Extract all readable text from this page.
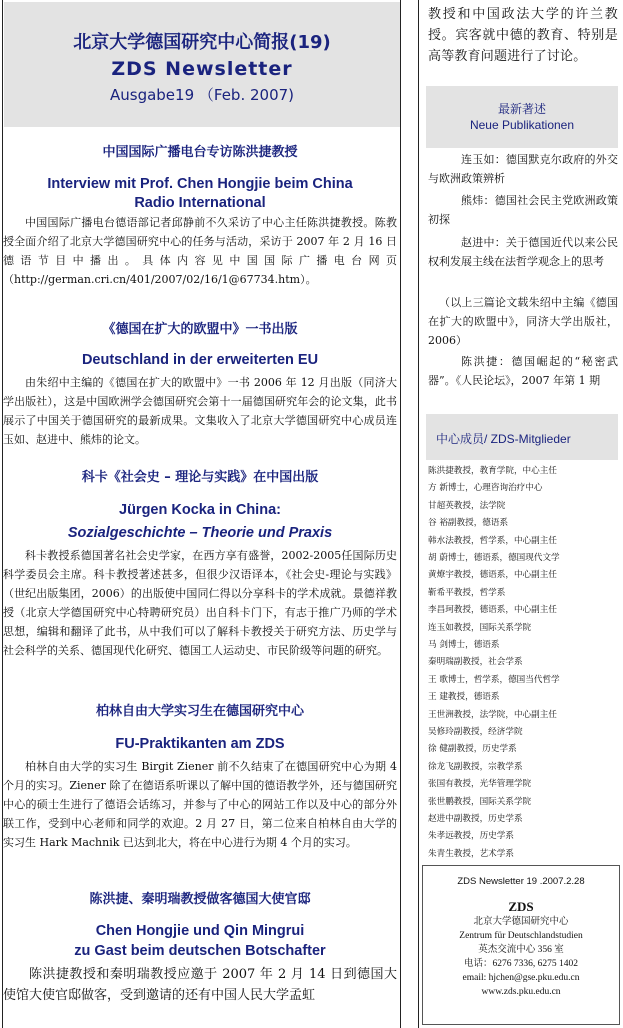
北京大学德国研究中心简报(19)
ZDS Newsletter
Ausgabe19 （Feb. 2007)
中国国际广播电台专访陈洪捷教授
Interview mit Prof. Chen Hongjie beim China
Radio International
中国国际广播电台德语部记者邱静前不久采访了中心主任陈洪捷教授。陈教授全面介绍了北京大学德国研究中心的任务与活动，采访于 2007 年 2 月 16 日德语节目中播出。具体内容见中国国际广播电台网页（http://german.cri.cn/401/2007/02/16/1@67734.htm）。
《德国在扩大的欧盟中》一书出版
Deutschland in der erweiterten EU
由朱绍中主编的《德国在扩大的欧盟中》一书 2006 年 12 月出版（同济大学出版社），这是中国欧洲学会德国研究会第十一届德国研究年会的论文集，此书展示了中国关于德国研究的最新成果。文集收入了北京大学德国研究中心成员连玉如、赵进中、熊炜的论文。
科卡《社会史 – 理论与实践》在中国出版
Jürgen Kocka in China:
Sozialgeschichte – Theorie und Praxis
科卡教授系德国著名社会史学家，在西方享有盛誉，2002-2005任国际历史科学委员会主席。科卡教授著述甚多，但很少汉语译本，《社会史-理论与实践》（世纪出版集团，2006）的出版使中国同仁得以分享科卡的学术成就。景德祥教授（北京大学德国研究中心特聘研究员）出自科卡门下，有志于推广乃师的学术思想，编辑和翻译了此书，从中我们可以了解科卡教授关于研究方法、历史学与社会科学的关系、德国现代化研究、德国工人运动史、市民阶级等问题的研究。
柏林自由大学实习生在德国研究中心
FU-Praktikanten am ZDS
柏林自由大学的实习生 Birgit Ziener 前不久结束了在德国研究中心为期 4 个月的实习。Ziener 除了在德语系听课以了解中国的德语教学外，还与德国研究中心的硕士生进行了德语会话练习，并参与了中心的网站工作以及中心的部分外联工作，受到中心老师和同学的欢迎。2 月 27 日，第二位来自柏林自由大学的实习生 Hark Machnik 已达到北大，将在中心进行为期 4 个月的实习。
陈洪捷、秦明瑞教授做客德国大使官邸
Chen Hongjie und Qin Mingrui
zu Gast beim deutschen Botschafter
陈洪捷教授和秦明瑞教授应邀于 2007 年 2 月 14 日到德国大使馆大使官邸做客，受到邀请的还有中国人民大学孟虹
教授和中国政法大学的许兰教授。宾客就中德的教育、特别是高等教育问题进行了讨论。
最新著述
Neue Publikationen
连玉如：德国默克尔政府的外交与欧洲政策辨析
熊炜：德国社会民主党欧洲政策初探
赵进中：关于德国近代以来公民权利发展主线在法哲学观念上的思考
（以上三篇论文载朱绍中主编《德国在扩大的欧盟中》，同济大学出版社，2006）
陈洪捷：德国崛起的“秘密武器”。《人民论坛》，2007 年第 1 期
中心成员/ ZDS-Mitglieder
陈洪捷教授，教育学院，中心主任
方 新博士，心理咨询治疗中心
甘超英教授，法学院
谷 裕副教授，德语系
韩水法教授，哲学系，中心副主任
胡 蔚博士，德语系，德国现代文学
黄燎宇教授，德语系，中心副主任
靳希平教授，哲学系
李昌珂教授，德语系，中心副主任
连玉如教授，国际关系学院
马 剑博士，德语系
秦明瑞副教授，社会学系
王 歌博士，哲学系，德国当代哲学
王 建教授，德语系
王世洲教授，法学院，中心副主任
吴修玲副教授，经济学院
徐 健副教授，历史学系
徐龙飞副教授，宗教学系
张国有教授，光华管理学院
张世鹏教授，国际关系学院
赵进中副教授，历史学系
朱孝远教授，历史学系
朱青生教授，艺术学系
ZDS Newsletter 19 .2007.2.28
ZDS
北京大学德国研究中心
Zentrum für Deutschlandstudien
英杰交流中心 356 室
电话：6276 7336, 6275 1402
email: hjchen@gse.pku.edu.cn
www.zds.pku.edu.cn
